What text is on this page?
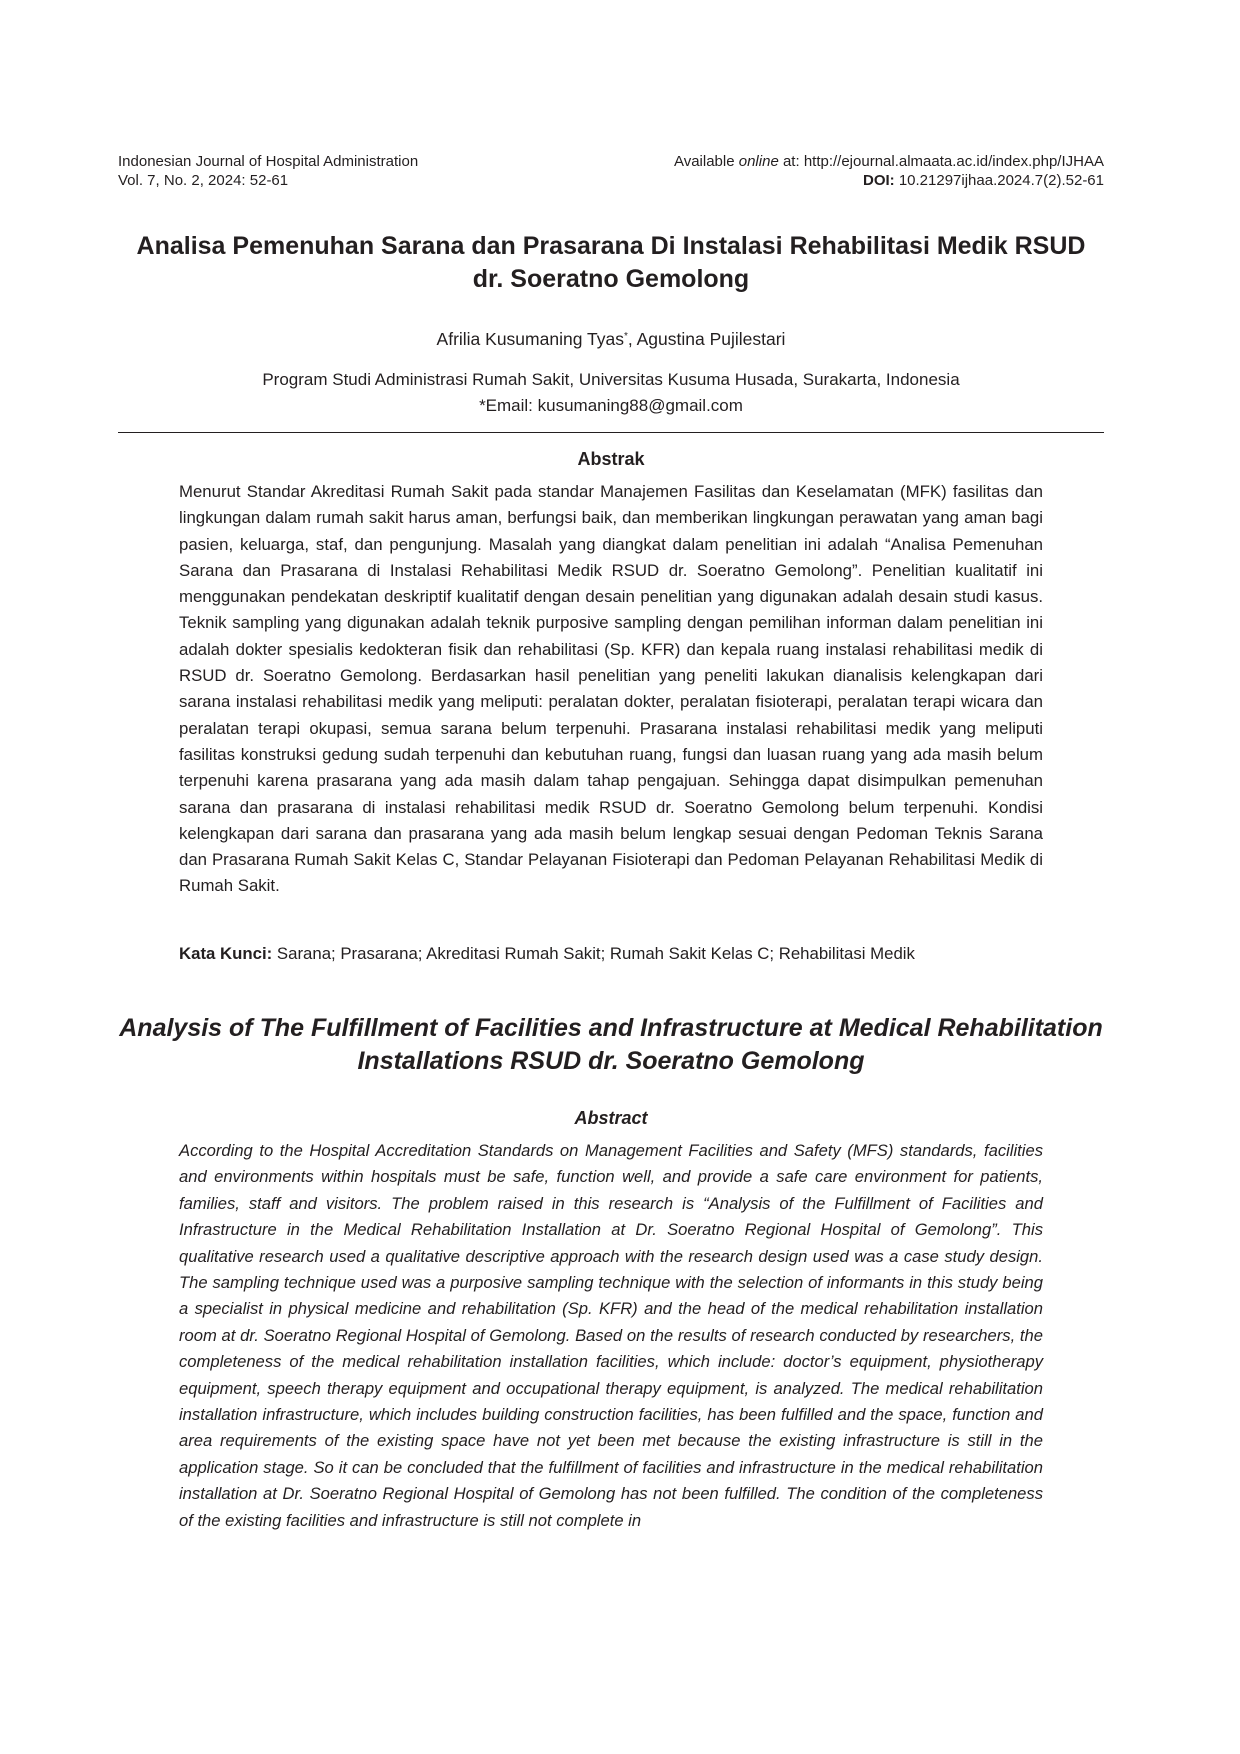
Indonesian Journal of Hospital Administration
Vol. 7, No. 2, 2024: 52-61
Available online at: http://ejournal.almaata.ac.id/index.php/IJHAA
DOI: 10.21297ijhaa.2024.7(2).52-61
Analisa Pemenuhan Sarana dan Prasarana Di Instalasi Rehabilitasi Medik RSUD dr. Soeratno Gemolong
Afrilia Kusumaning Tyas*, Agustina Pujilestari
Program Studi Administrasi Rumah Sakit, Universitas Kusuma Husada, Surakarta, Indonesia
*Email: kusumaning88@gmail.com
Abstrak

Menurut Standar Akreditasi Rumah Sakit pada standar Manajemen Fasilitas dan Keselamatan (MFK) fasilitas dan lingkungan dalam rumah sakit harus aman, berfungsi baik, dan memberikan lingkungan perawatan yang aman bagi pasien, keluarga, staf, dan pengunjung. Masalah yang diangkat dalam penelitian ini adalah “Analisa Pemenuhan Sarana dan Prasarana di Instalasi Rehabilitasi Medik RSUD dr. Soeratno Gemolong”. Penelitian kualitatif ini menggunakan pendekatan deskriptif kualitatif dengan desain penelitian yang digunakan adalah desain studi kasus. Teknik sampling yang digunakan adalah teknik purposive sampling dengan pemilihan informan dalam penelitian ini adalah dokter spesialis kedokteran fisik dan rehabilitasi (Sp. KFR) dan kepala ruang instalasi rehabilitasi medik di RSUD dr. Soeratno Gemolong. Berdasarkan hasil penelitian yang peneliti lakukan dianalisis kelengkapan dari sarana instalasi rehabilitasi medik yang meliputi: peralatan dokter, peralatan fisioterapi, peralatan terapi wicara dan peralatan terapi okupasi, semua sarana belum terpenuhi. Prasarana instalasi rehabilitasi medik yang meliputi fasilitas konstruksi gedung sudah terpenuhi dan kebutuhan ruang, fungsi dan luasan ruang yang ada masih belum terpenuhi karena prasarana yang ada masih dalam tahap pengajuan. Sehingga dapat disimpulkan pemenuhan sarana dan prasarana di instalasi rehabilitasi medik RSUD dr. Soeratno Gemolong belum terpenuhi. Kondisi kelengkapan dari sarana dan prasarana yang ada masih belum lengkap sesuai dengan Pedoman Teknis Sarana dan Prasarana Rumah Sakit Kelas C, Standar Pelayanan Fisioterapi dan Pedoman Pelayanan Rehabilitasi Medik di Rumah Sakit.

Kata Kunci: Sarana; Prasarana; Akreditasi Rumah Sakit; Rumah Sakit Kelas C; Rehabilitasi Medik
Analysis of The Fulfillment of Facilities and Infrastructure at Medical Rehabilitation Installations RSUD dr. Soeratno Gemolong
Abstract

According to the Hospital Accreditation Standards on Management Facilities and Safety (MFS) standards, facilities and environments within hospitals must be safe, function well, and provide a safe care environment for patients, families, staff and visitors. The problem raised in this research is “Analysis of the Fulfillment of Facilities and Infrastructure in the Medical Rehabilitation Installation at Dr. Soeratno Regional Hospital of Gemolong”. This qualitative research used a qualitative descriptive approach with the research design used was a case study design. The sampling technique used was a purposive sampling technique with the selection of informants in this study being a specialist in physical medicine and rehabilitation (Sp. KFR) and the head of the medical rehabilitation installation room at dr. Soeratno Regional Hospital of Gemolong. Based on the results of research conducted by researchers, the completeness of the medical rehabilitation installation facilities, which include: doctor’s equipment, physiotherapy equipment, speech therapy equipment and occupational therapy equipment, is analyzed. The medical rehabilitation installation infrastructure, which includes building construction facilities, has been fulfilled and the space, function and area requirements of the existing space have not yet been met because the existing infrastructure is still in the application stage. So it can be concluded that the fulfillment of facilities and infrastructure in the medical rehabilitation installation at Dr. Soeratno Regional Hospital of Gemolong has not been fulfilled. The condition of the completeness of the existing facilities and infrastructure is still not complete in
